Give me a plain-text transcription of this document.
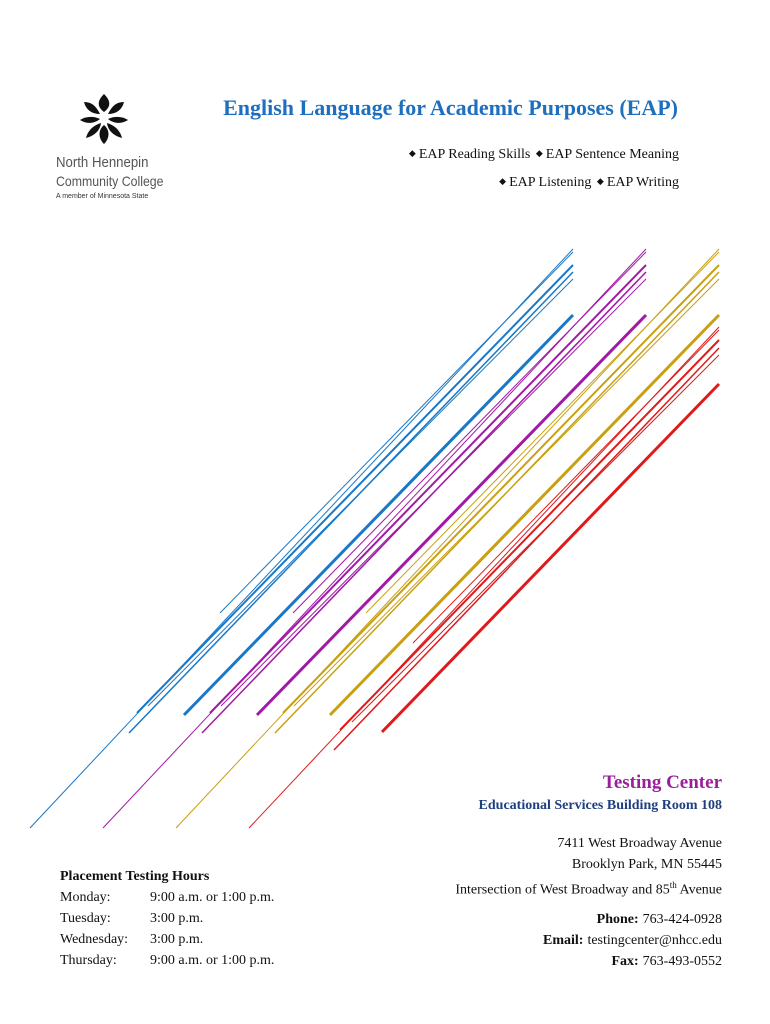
North Hennepin
Community College
A member of Minnesota State
English Language for Academic Purposes (EAP)
◆ EAP Reading Skills ◆ EAP Sentence Meaning
◆ EAP Listening ◆ EAP Writing
Testing Center
Educational Services Building Room 108
7411 West Broadway Avenue
Brooklyn Park, MN 55445
Intersection of West Broadway and 85th Avenue
Phone: 763-424-0928
Email: testingcenter@nhcc.edu
Fax: 763-493-0552
Placement Testing Hours
Monday:	9:00 a.m. or 1:00 p.m.
Tuesday:	3:00 p.m.
Wednesday:	3:00 p.m.
Thursday:	9:00 a.m. or 1:00 p.m.
